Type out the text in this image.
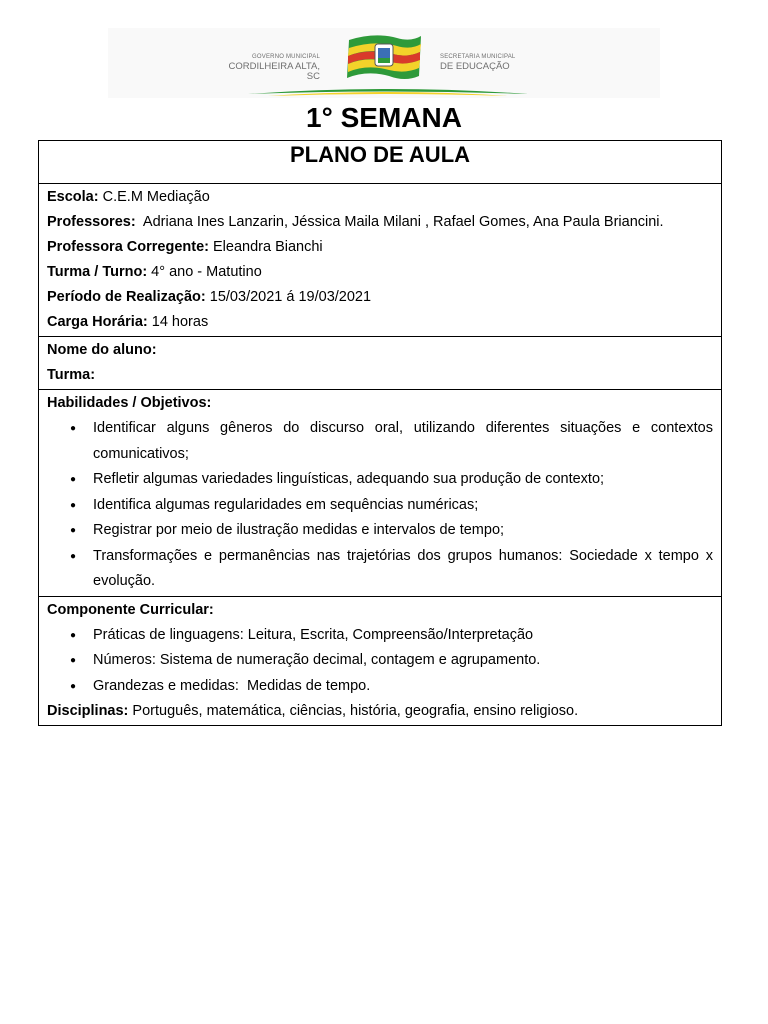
GOVERNO MUNICIPAL
CORDILHEIRA ALTA, SC
SECRETARIA MUNICIPAL
DE EDUCAÇÃO
1° SEMANA
PLANO DE AULA

Escola: C.E.M Mediação
Professores:  Adriana Ines Lanzarin, Jéssica Maila Milani , Rafael Gomes, Ana Paula Briancini.
Professora Corregente: Eleandra Bianchi
Turma / Turno: 4° ano - Matutino
Período de Realização: 15/03/2021 á 19/03/2021
Carga Horária: 14 horas

Nome do aluno:
Turma:

Habilidades / Objetivos:
● Identificar alguns gêneros do discurso oral, utilizando diferentes situações e contextos comunicativos;
● Refletir algumas variedades linguísticas, adequando sua produção de contexto;
● Identifica algumas regularidades em sequências numéricas;
● Registrar por meio de ilustração medidas e intervalos de tempo;
● Transformações e permanências nas trajetórias dos grupos humanos: Sociedade x tempo x evolução.

Componente Curricular:
● Práticas de linguagens: Leitura, Escrita, Compreensão/Interpretação
● Números: Sistema de numeração decimal, contagem e agrupamento.
● Grandezas e medidas:  Medidas de tempo.
Disciplinas: Português, matemática, ciências, história, geografia, ensino religioso.
